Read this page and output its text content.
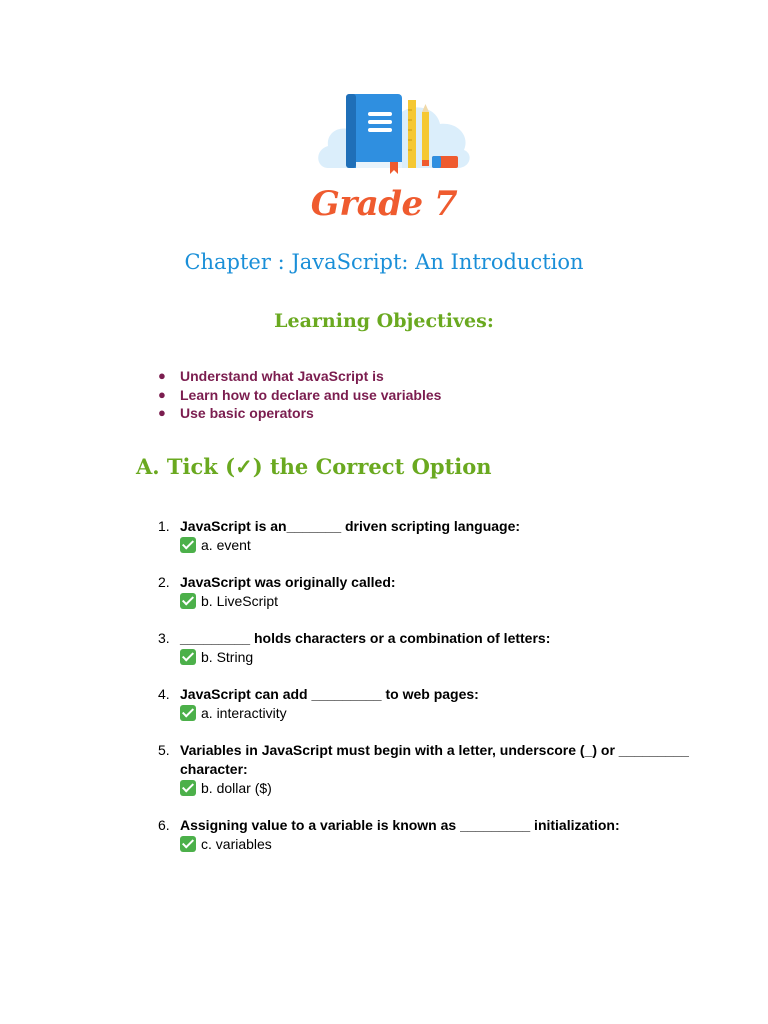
Grade 7
Chapter : JavaScript: An Introduction
Learning Objectives:
● Understand what JavaScript is
● Learn how to declare and use variables
● Use basic operators
A. Tick (✓) the Correct Option
1. JavaScript is an_______ driven scripting language:
a. event
2. JavaScript was originally called:
b. LiveScript
3. _________ holds characters or a combination of letters:
b. String
4. JavaScript can add _________ to web pages:
a. interactivity
5. Variables in JavaScript must begin with a letter, underscore (_) or _________ character:
b. dollar ($)
6. Assigning value to a variable is known as _________ initialization:
c. variables
